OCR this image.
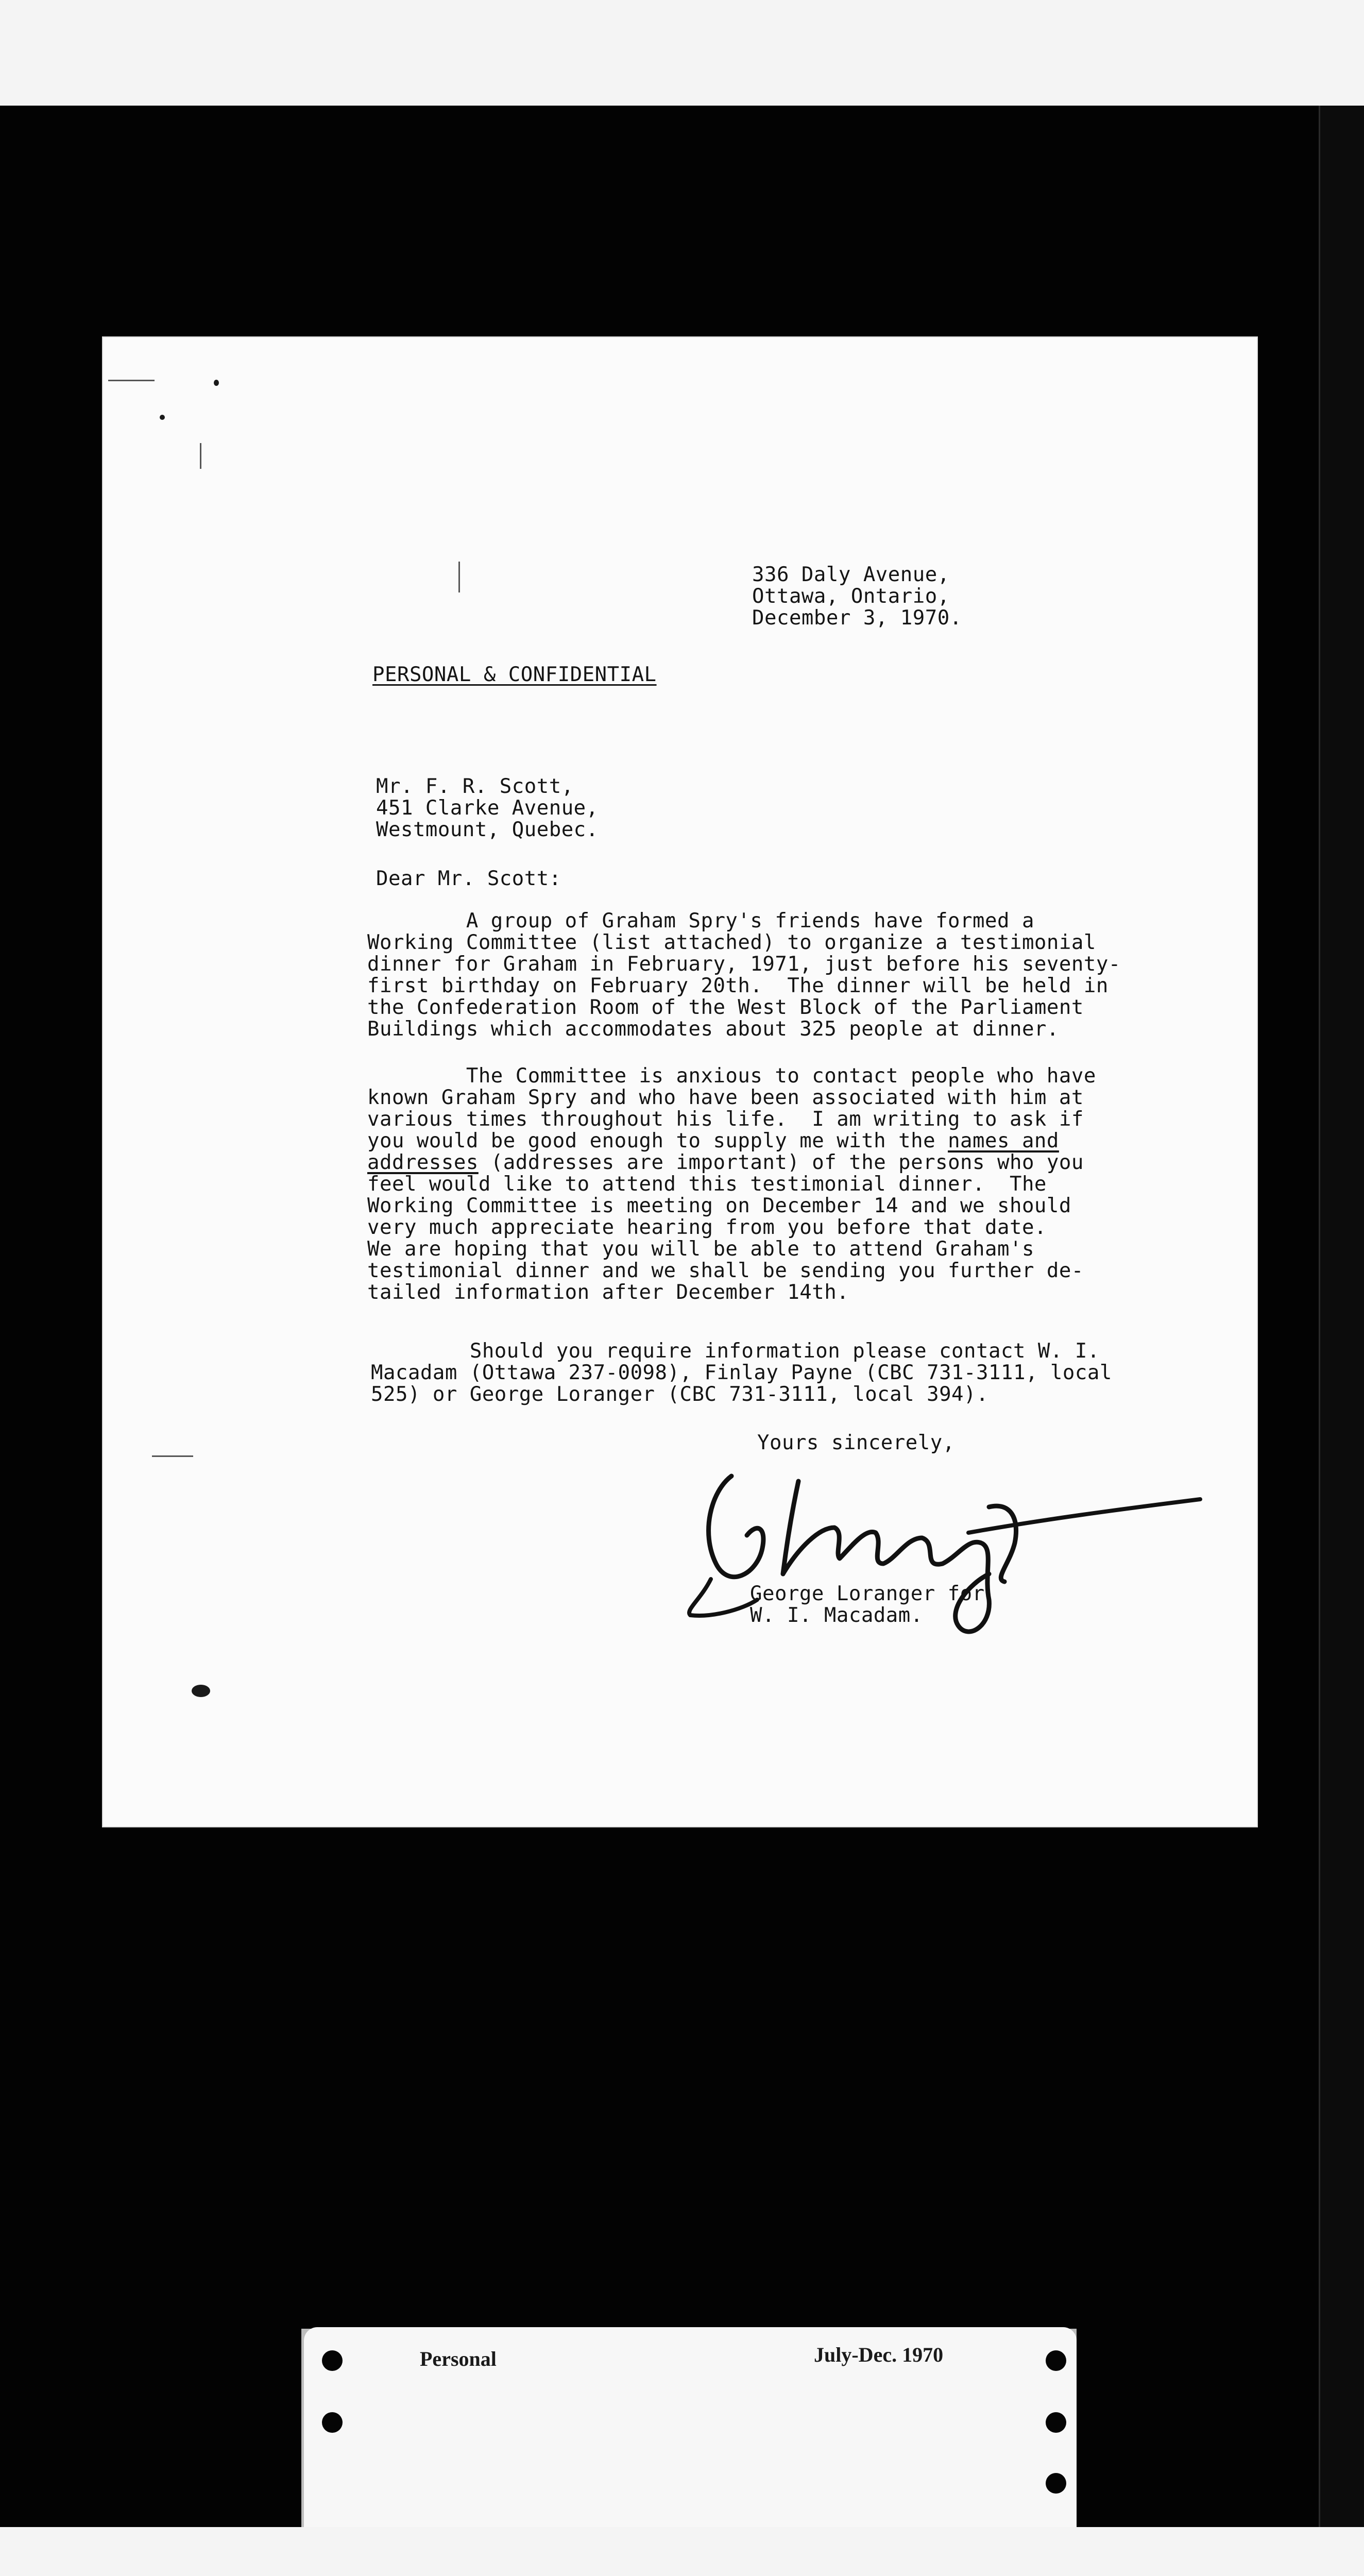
336 Daly Avenue,
Ottawa, Ontario,
December 3, 1970.
PERSONAL & CONFIDENTIAL
Mr. F. R. Scott,
451 Clarke Avenue,
Westmount, Quebec.
Dear Mr. Scott:
A group of Graham Spry's friends have formed a
Working Committee (list attached) to organize a testimonial
dinner for Graham in February, 1971, just before his seventy-
first birthday on February 20th.  The dinner will be held in
the Confederation Room of the West Block of the Parliament
Buildings which accommodates about 325 people at dinner.
The Committee is anxious to contact people who have
known Graham Spry and who have been associated with him at
various times throughout his life.  I am writing to ask if
you would be good enough to supply me with the names and
addresses (addresses are important) of the persons who you
feel would like to attend this testimonial dinner.  The
Working Committee is meeting on December 14 and we should
very much appreciate hearing from you before that date.
We are hoping that you will be able to attend Graham's
testimonial dinner and we shall be sending you further de-
tailed information after December 14th.
Should you require information please contact W. I.
Macadam (Ottawa 237-0098), Finlay Payne (CBC 731-3111, local
525) or George Loranger (CBC 731-3111, local 394).
Yours sincerely,
George Loranger for
W. I. Macadam.
Personal	July-Dec. 1970
